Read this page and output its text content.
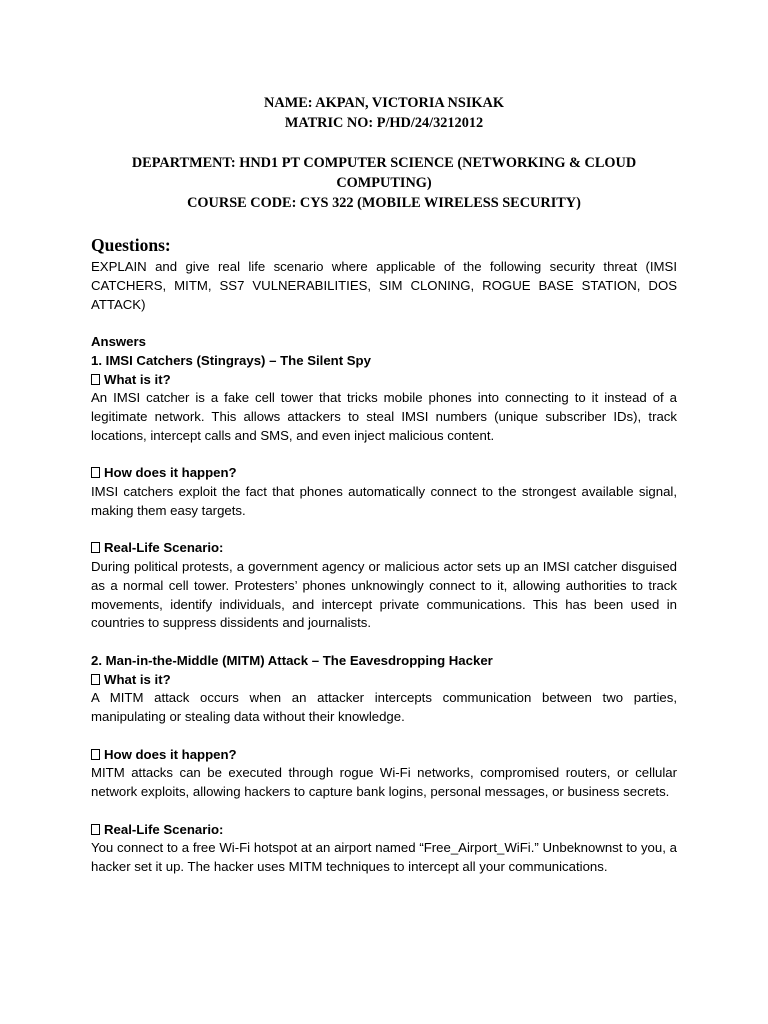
NAME: AKPAN, VICTORIA NSIKAK

MATRIC NO: P/HD/24/3212012

DEPARTMENT: HND1 PT COMPUTER SCIENCE (NETWORKING & CLOUD COMPUTING)

COURSE CODE: CYS 322 (MOBILE WIRELESS SECURITY)

Questions:

EXPLAIN and give real life scenario where applicable of the following security threat (IMSI CATCHERS, MITM, SS7 VULNERABILITIES, SIM CLONING, ROGUE BASE STATION, DOS ATTACK)

Answers

1. IMSI Catchers (Stingrays) – The Silent Spy

What is it?

An IMSI catcher is a fake cell tower that tricks mobile phones into connecting to it instead of a legitimate network. This allows attackers to steal IMSI numbers (unique subscriber IDs), track locations, intercept calls and SMS, and even inject malicious content.

How does it happen?

IMSI catchers exploit the fact that phones automatically connect to the strongest available signal, making them easy targets.

Real-Life Scenario:

During political protests, a government agency or malicious actor sets up an IMSI catcher disguised as a normal cell tower. Protesters’ phones unknowingly connect to it, allowing authorities to track movements, identify individuals, and intercept private communications. This has been used in countries to suppress dissidents and journalists.

2. Man-in-the-Middle (MITM) Attack – The Eavesdropping Hacker

What is it?

A MITM attack occurs when an attacker intercepts communication between two parties, manipulating or stealing data without their knowledge.

How does it happen?

MITM attacks can be executed through rogue Wi-Fi networks, compromised routers, or cellular network exploits, allowing hackers to capture bank logins, personal messages, or business secrets.

Real-Life Scenario:

You connect to a free Wi-Fi hotspot at an airport named “Free_Airport_WiFi.” Unbeknownst to you, a hacker set it up. The hacker uses MITM techniques to intercept all your communications.
